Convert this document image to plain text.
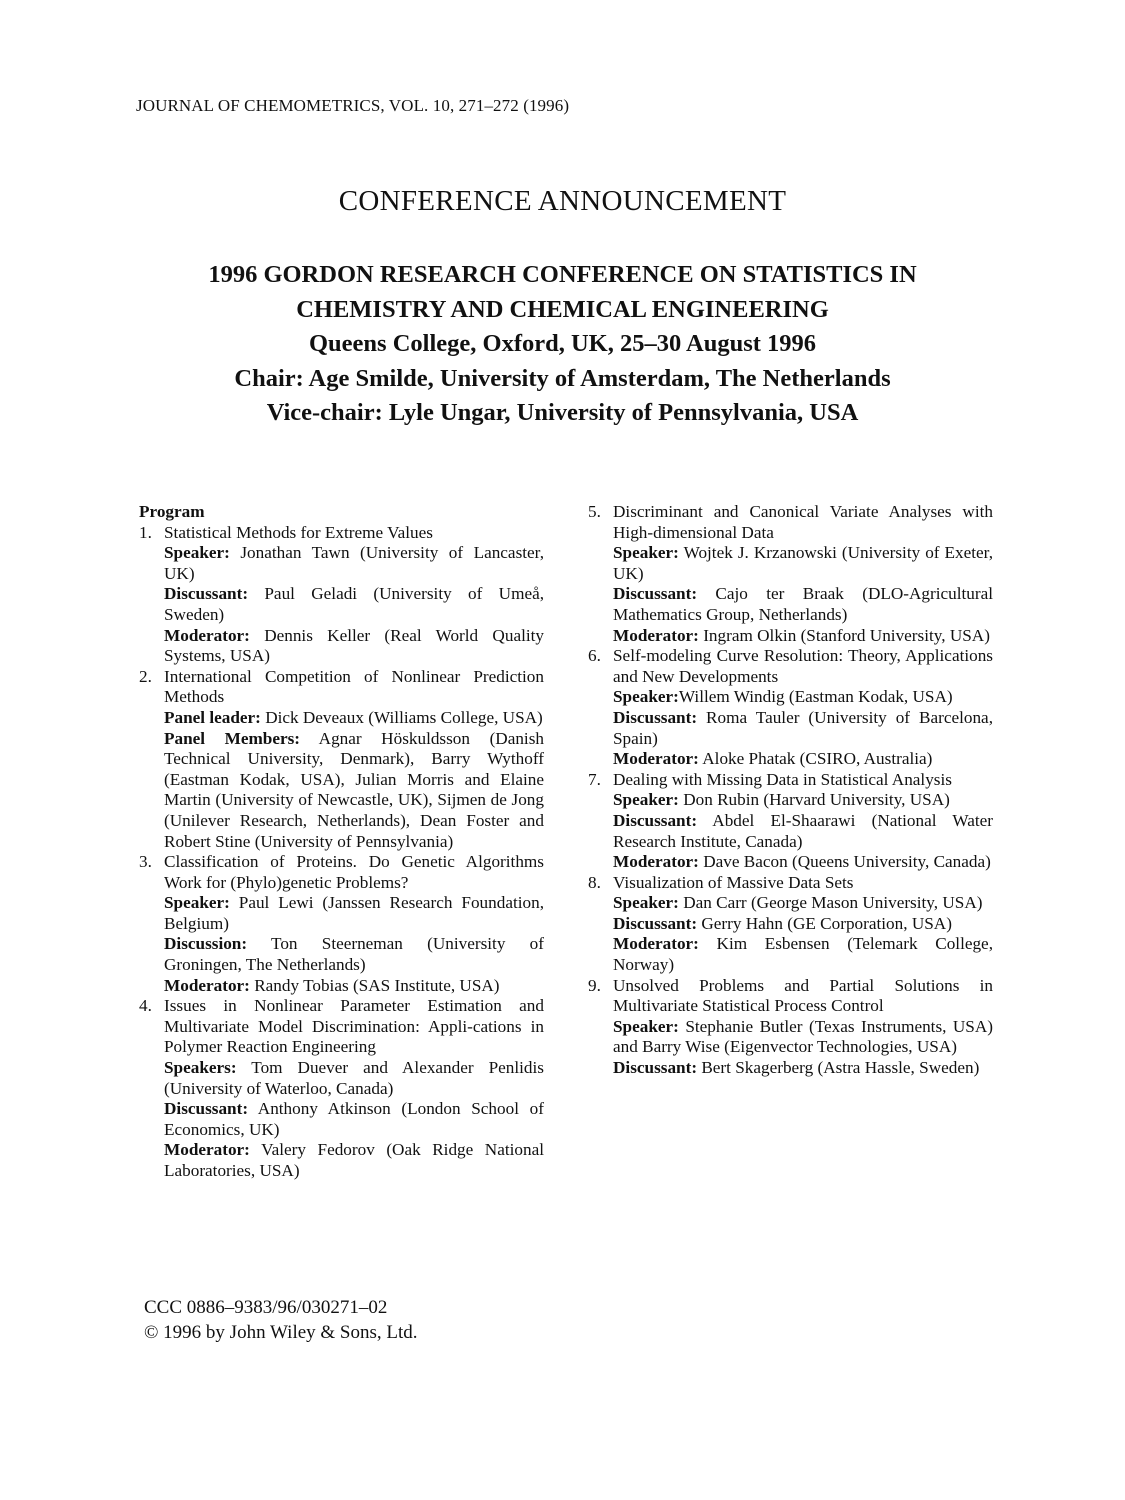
JOURNAL OF CHEMOMETRICS, VOL. 10, 271–272 (1996)
CONFERENCE ANNOUNCEMENT
1996 GORDON RESEARCH CONFERENCE ON STATISTICS IN
CHEMISTRY AND CHEMICAL ENGINEERING
Queens College, Oxford, UK, 25–30 August 1996
Chair: Age Smilde, University of Amsterdam, The Netherlands
Vice-chair: Lyle Ungar, University of Pennsylvania, USA
Program
1. Statistical Methods for Extreme Values
Speaker: Jonathan Tawn (University of Lancaster, UK)
Discussant: Paul Geladi (University of Umeå, Sweden)
Moderator: Dennis Keller (Real World Quality Systems, USA)
2. International Competition of Nonlinear Prediction Methods
Panel leader: Dick Deveaux (Williams College, USA)
Panel Members: Agnar Höskuldsson (Danish Technical University, Denmark), Barry Wythoff (Eastman Kodak, USA), Julian Morris and Elaine Martin (University of Newcastle, UK), Sijmen de Jong (Unilever Research, Netherlands), Dean Foster and Robert Stine (University of Pennsylvania)
3. Classification of Proteins. Do Genetic Algorithms Work for (Phylo)genetic Problems?
Speaker: Paul Lewi (Janssen Research Foundation, Belgium)
Discussion: Ton Steerneman (University of Groningen, The Netherlands)
Moderator: Randy Tobias (SAS Institute, USA)
4. Issues in Nonlinear Parameter Estimation and Multivariate Model Discrimination: Appli-cations in Polymer Reaction Engineering
Speakers: Tom Duever and Alexander Penlidis (University of Waterloo, Canada)
Discussant: Anthony Atkinson (London School of Economics, UK)
Moderator: Valery Fedorov (Oak Ridge National Laboratories, USA)
5. Discriminant and Canonical Variate Analyses with High-dimensional Data
Speaker: Wojtek J. Krzanowski (University of Exeter, UK)
Discussant: Cajo ter Braak (DLO-Agricultural Mathematics Group, Netherlands)
Moderator: Ingram Olkin (Stanford University, USA)
6. Self-modeling Curve Resolution: Theory, Applications and New Developments
Speaker:Willem Windig (Eastman Kodak, USA)
Discussant: Roma Tauler (University of Barcelona, Spain)
Moderator: Aloke Phatak (CSIRO, Australia)
7. Dealing with Missing Data in Statistical Analysis
Speaker: Don Rubin (Harvard University, USA)
Discussant: Abdel El-Shaarawi (National Water Research Institute, Canada)
Moderator: Dave Bacon (Queens University, Canada)
8. Visualization of Massive Data Sets
Speaker: Dan Carr (George Mason University, USA)
Discussant: Gerry Hahn (GE Corporation, USA)
Moderator: Kim Esbensen (Telemark College, Norway)
9. Unsolved Problems and Partial Solutions in Multivariate Statistical Process Control
Speaker: Stephanie Butler (Texas Instruments, USA) and Barry Wise (Eigenvector Technologies, USA)
Discussant: Bert Skagerberg (Astra Hassle, Sweden)
CCC 0886–9383/96/030271–02
© 1996 by John Wiley & Sons, Ltd.
